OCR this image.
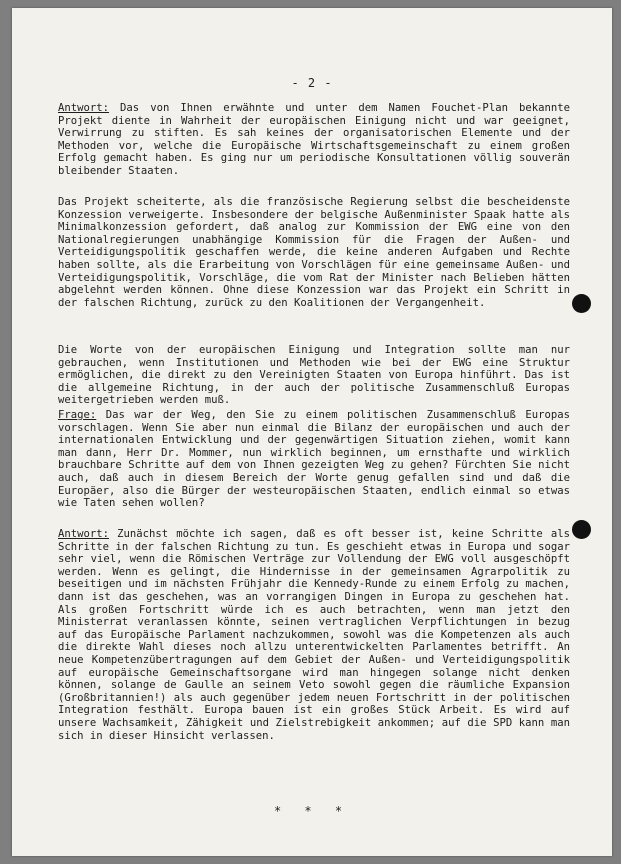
- 2 -

Antwort: Das von Ihnen erwähnte und unter dem Namen Fouchet-Plan bekannte Projekt diente in Wahrheit der europäischen Einigung nicht und war geeignet, Verwirrung zu stiften. Es sah keines der organisatorischen Elemente und der Methoden vor, welche die Europäische Wirtschaftsgemeinschaft zu einem großen Erfolg gemacht haben. Es ging nur um periodische Konsultationen völlig souverän bleibender Staaten.

Das Projekt scheiterte, als die französische Regierung selbst die bescheidenste Konzession verweigerte. Insbesondere der belgische Außenminister Spaak hatte als Minimalkonzession gefordert, daß analog zur Kommission der EWG eine von den Nationalregierungen unabhängige Kommission für die Fragen der Außen- und Verteidigungspolitik geschaffen werde, die keine anderen Aufgaben und Rechte haben sollte, als die Erarbeitung von Vorschlägen für eine gemeinsame Außen- und Verteidigungspolitik, Vorschläge, die vom Rat der Minister nach Belieben hätten abgelehnt werden können. Ohne diese Konzession war das Projekt ein Schritt in der falschen Richtung, zurück zu den Koalitionen der Vergangenheit.

Die Worte von der europäischen Einigung und Integration sollte man nur gebrauchen, wenn Institutionen und Methoden wie bei der EWG eine Struktur ermöglichen, die direkt zu den Vereinigten Staaten von Europa hinführt. Das ist die allgemeine Richtung, in der auch der politische Zusammenschluß Europas weitergetrieben werden muß.

Frage: Das war der Weg, den Sie zu einem politischen Zusammenschluß Europas vorschlagen. Wenn Sie aber nun einmal die Bilanz der europäischen und auch der internationalen Entwicklung und der gegenwärtigen Situation ziehen, womit kann man dann, Herr Dr. Mommer, nun wirklich beginnen, um ernsthafte und wirklich brauchbare Schritte auf dem von Ihnen gezeigten Weg zu gehen? Fürchten Sie nicht auch, daß auch in diesem Bereich der Worte genug gefallen sind und daß die Europäer, also die Bürger der westeuropäischen Staaten, endlich einmal so etwas wie Taten sehen wollen?

Antwort: Zunächst möchte ich sagen, daß es oft besser ist, keine Schritte als Schritte in der falschen Richtung zu tun. Es geschieht etwas in Europa und sogar sehr viel, wenn die Römischen Verträge zur Vollendung der EWG voll ausgeschöpft werden. Wenn es gelingt, die Hindernisse in der gemeinsamen Agrarpolitik zu beseitigen und im nächsten Frühjahr die Kennedy-Runde zu einem Erfolg zu machen, dann ist das geschehen, was an vorrangigen Dingen in Europa zu geschehen hat. Als großen Fortschritt würde ich es auch betrachten, wenn man jetzt den Ministerrat veranlassen könnte, seinen vertraglichen Verpflichtungen in bezug auf das Europäische Parlament nachzukommen, sowohl was die Kompetenzen als auch die direkte Wahl dieses noch allzu unterentwickelten Parlamentes betrifft. An neue Kompetenzübertragungen auf dem Gebiet der Außen- und Verteidigungspolitik auf europäische Gemeinschaftsorgane wird man hingegen solange nicht denken können, solange de Gaulle an seinem Veto sowohl gegen die räumliche Expansion (Großbritannien!) als auch gegenüber jedem neuen Fortschritt in der politischen Integration festhält. Europa bauen ist ein großes Stück Arbeit. Es wird auf unsere Wachsamkeit, Zähigkeit und Zielstrebigkeit ankommen; auf die SPD kann man sich in dieser Hinsicht verlassen.

* * *
